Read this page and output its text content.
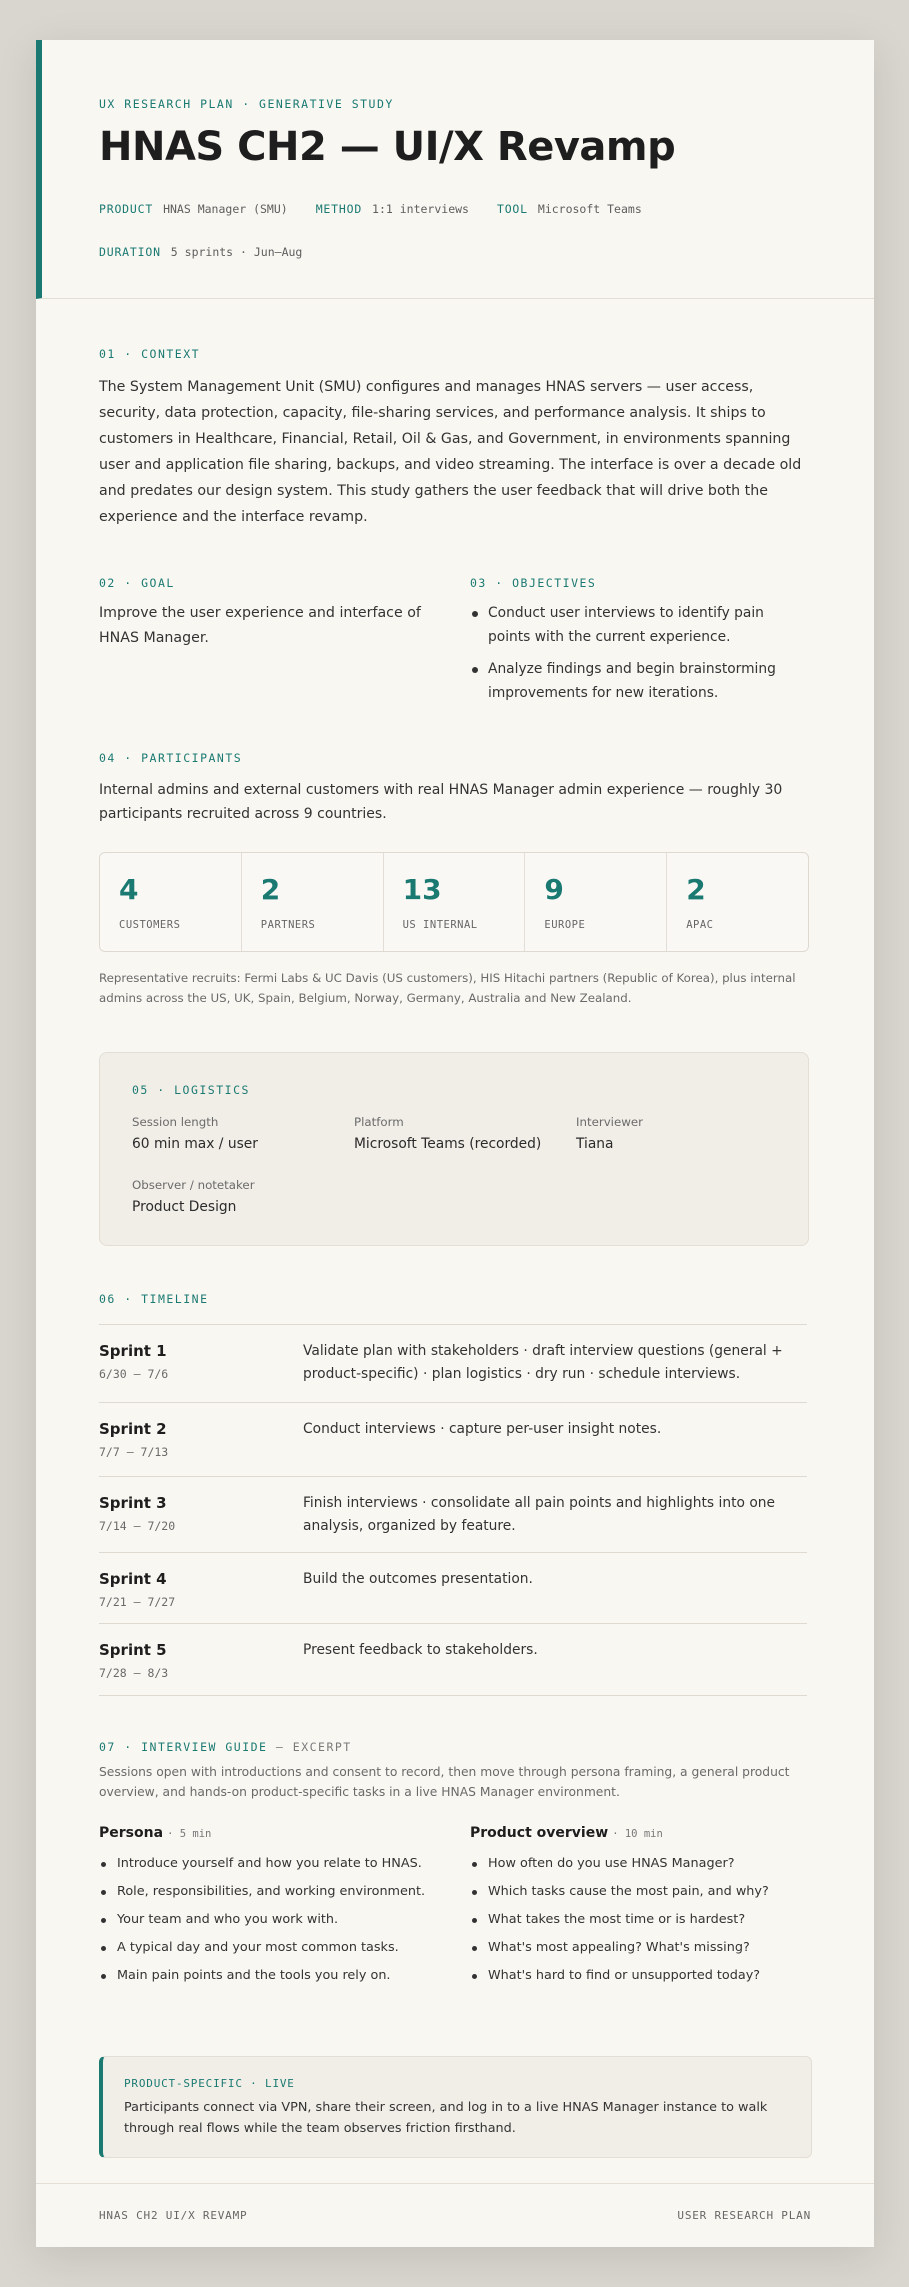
UX RESEARCH PLAN · GENERATIVE STUDY
HNAS CH2 — UI/X Revamp
PRODUCT HNAS Manager (SMU) METHOD 1:1 interviews TOOL Microsoft Teams
DURATION 5 sprints · Jun–Aug
01 · CONTEXT
The System Management Unit (SMU) configures and manages HNAS servers — user access, security, data protection, capacity, file-sharing services, and performance analysis. It ships to customers in Healthcare, Financial, Retail, Oil & Gas, and Government, in environments spanning user and application file sharing, backups, and video streaming. The interface is over a decade old and predates our design system. This study gathers the user feedback that will drive both the experience and the interface revamp.
02 · GOAL
Improve the user experience and interface of HNAS Manager.
03 · OBJECTIVES
Conduct user interviews to identify pain points with the current experience.
Analyze findings and begin brainstorming improvements for new iterations.
04 · PARTICIPANTS
Internal admins and external customers with real HNAS Manager admin experience — roughly 30 participants recruited across 9 countries.
4
CUSTOMERS
2
PARTNERS
13
US INTERNAL
9
EUROPE
2
APAC
Representative recruits: Fermi Labs & UC Davis (US customers), HIS Hitachi partners (Republic of Korea), plus internal admins across the US, UK, Spain, Belgium, Norway, Germany, Australia and New Zealand.
05 · LOGISTICS
Session length
60 min max / user
Platform
Microsoft Teams (recorded)
Interviewer
Tiana
Observer / notetaker
Product Design
06 · TIMELINE
Sprint 1
6/30 – 7/6
Validate plan with stakeholders · draft interview questions (general + product-specific) · plan logistics · dry run · schedule interviews.
Sprint 2
7/7 – 7/13
Conduct interviews · capture per-user insight notes.
Sprint 3
7/14 – 7/20
Finish interviews · consolidate all pain points and highlights into one analysis, organized by feature.
Sprint 4
7/21 – 7/27
Build the outcomes presentation.
Sprint 5
7/28 – 8/3
Present feedback to stakeholders.
07 · INTERVIEW GUIDE — EXCERPT
Sessions open with introductions and consent to record, then move through persona framing, a general product overview, and hands-on product-specific tasks in a live HNAS Manager environment.
Persona · 5 min
Introduce yourself and how you relate to HNAS.
Role, responsibilities, and working environment.
Your team and who you work with.
A typical day and your most common tasks.
Main pain points and the tools you rely on.
Product overview · 10 min
How often do you use HNAS Manager?
Which tasks cause the most pain, and why?
What takes the most time or is hardest?
What's most appealing? What's missing?
What's hard to find or unsupported today?
PRODUCT-SPECIFIC · LIVE
Participants connect via VPN, share their screen, and log in to a live HNAS Manager instance to walk through real flows while the team observes friction firsthand.
HNAS CH2 UI/X REVAMP	USER RESEARCH PLAN
